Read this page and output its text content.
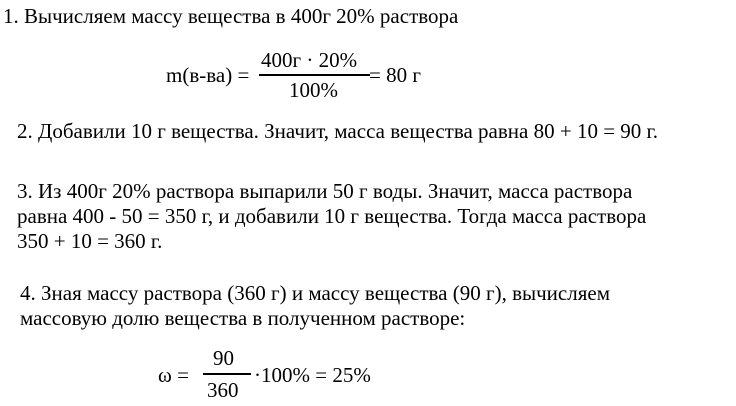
1. Вычисляем массу вещества в 400г 20% раствора
m(в-ва) =
400г · 20%
100%
= 80 г
2. Добавили 10 г вещества. Значит, масса вещества равна 80 + 10 = 90 г.
3. Из 400г 20% раствора выпарили 50 г воды. Значит, масса раствора
равна 400 - 50 = 350 г, и добавили 10 г вещества. Тогда масса раствора
350 + 10 = 360 г.
4. Зная массу раствора (360 г) и массу вещества (90 г), вычисляем
массовую долю вещества в полученном растворе:
ω =
90
360
·100% = 25%
